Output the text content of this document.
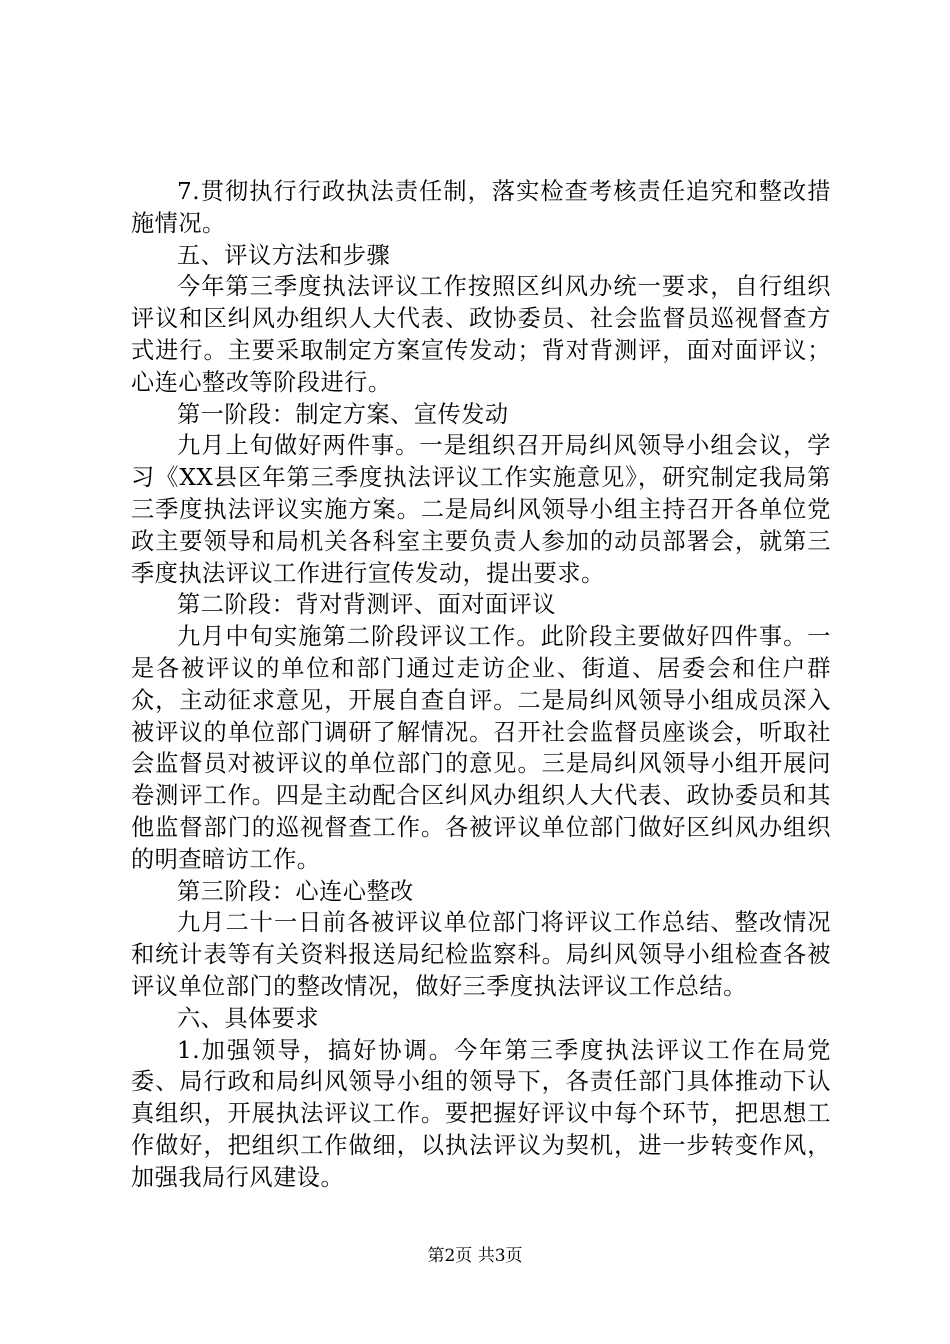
7.贯彻执行行政执法责任制，落实检查考核责任追究和整改措施情况。

五、评议方法和步骤

今年第三季度执法评议工作按照区纠风办统一要求，自行组织评议和区纠风办组织人大代表、政协委员、社会监督员巡视督查方式进行。主要采取制定方案宣传发动；背对背测评，面对面评议；心连心整改等阶段进行。

第一阶段：制定方案、宣传发动

九月上旬做好两件事。一是组织召开局纠风领导小组会议，学习《XX县区年第三季度执法评议工作实施意见》，研究制定我局第三季度执法评议实施方案。二是局纠风领导小组主持召开各单位党政主要领导和局机关各科室主要负责人参加的动员部署会，就第三季度执法评议工作进行宣传发动，提出要求。

第二阶段：背对背测评、面对面评议

九月中旬实施第二阶段评议工作。此阶段主要做好四件事。一是各被评议的单位和部门通过走访企业、街道、居委会和住户群众，主动征求意见，开展自查自评。二是局纠风领导小组成员深入被评议的单位部门调研了解情况。召开社会监督员座谈会，听取社会监督员对被评议的单位部门的意见。三是局纠风领导小组开展问卷测评工作。四是主动配合区纠风办组织人大代表、政协委员和其他监督部门的巡视督查工作。各被评议单位部门做好区纠风办组织的明查暗访工作。

第三阶段：心连心整改

九月二十一日前各被评议单位部门将评议工作总结、整改情况和统计表等有关资料报送局纪检监察科。局纠风领导小组检查各被评议单位部门的整改情况，做好三季度执法评议工作总结。

六、具体要求

1.加强领导，搞好协调。今年第三季度执法评议工作在局党委、局行政和局纠风领导小组的领导下，各责任部门具体推动下认真组织，开展执法评议工作。要把握好评议中每个环节，把思想工作做好，把组织工作做细，以执法评议为契机，进一步转变作风，加强我局行风建设。

第2页 共3页
